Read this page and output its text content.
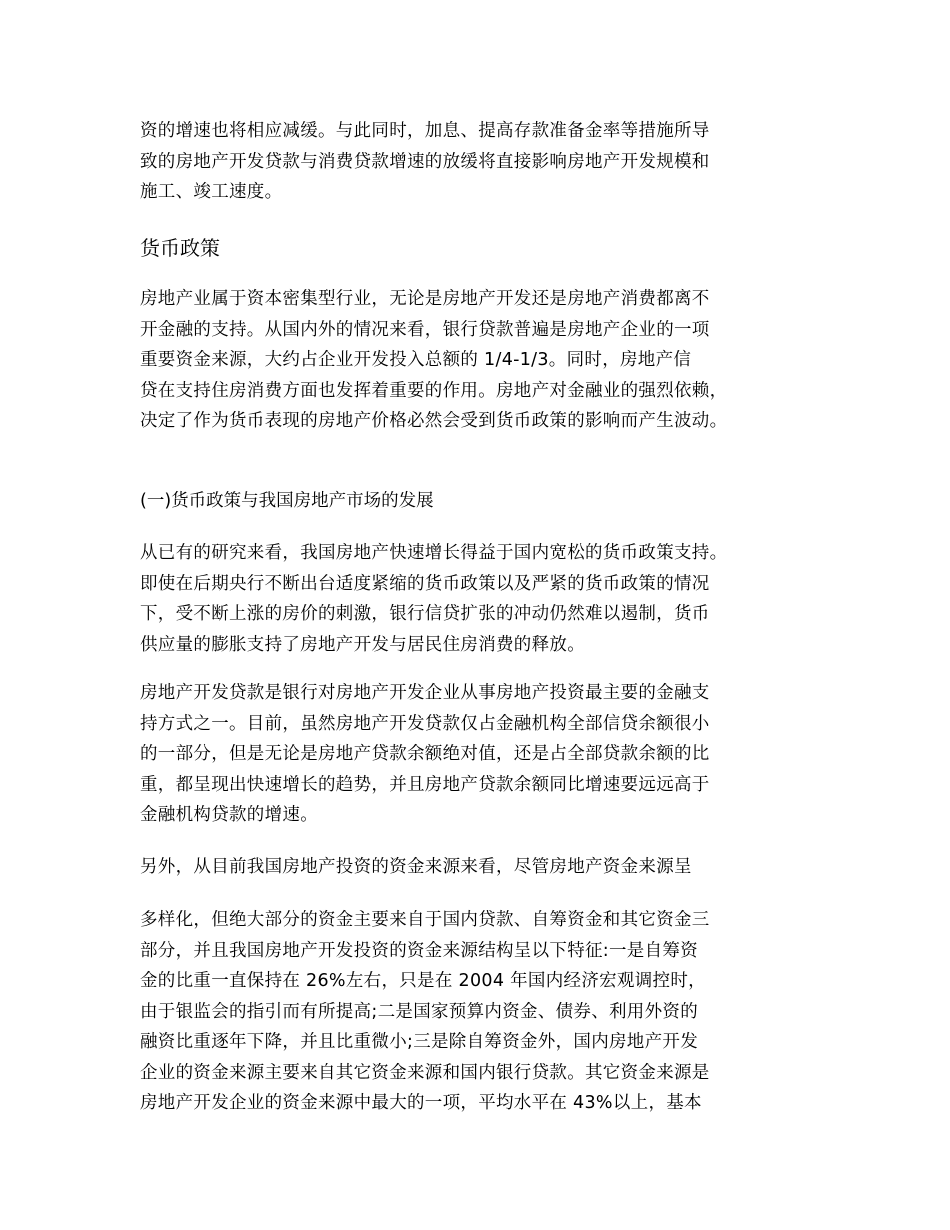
资的增速也将相应减缓。与此同时，加息、提高存款准备金率等措施所导
致的房地产开发贷款与消费贷款增速的放缓将直接影响房地产开发规模和
施工、竣工速度。
货币政策
房地产业属于资本密集型行业，无论是房地产开发还是房地产消费都离不
开金融的支持。从国内外的情况来看，银行贷款普遍是房地产企业的一项
重要资金来源，大约占企业开发投入总额的 1/4-1/3。同时，房地产信
贷在支持住房消费方面也发挥着重要的作用。房地产对金融业的强烈依赖，
决定了作为货币表现的房地产价格必然会受到货币政策的影响而产生波动。
(一)货币政策与我国房地产市场的发展
从已有的研究来看，我国房地产快速增长得益于国内宽松的货币政策支持。
即使在后期央行不断出台适度紧缩的货币政策以及严紧的货币政策的情况
下，受不断上涨的房价的刺激，银行信贷扩张的冲动仍然难以遏制，货币
供应量的膨胀支持了房地产开发与居民住房消费的释放。
房地产开发贷款是银行对房地产开发企业从事房地产投资最主要的金融支
持方式之一。目前，虽然房地产开发贷款仅占金融机构全部信贷余额很小
的一部分，但是无论是房地产贷款余额绝对值，还是占全部贷款余额的比
重，都呈现出快速增长的趋势，并且房地产贷款余额同比增速要远远高于
金融机构贷款的增速。
另外，从目前我国房地产投资的资金来源来看，尽管房地产资金来源呈
多样化，但绝大部分的资金主要来自于国内贷款、自筹资金和其它资金三
部分，并且我国房地产开发投资的资金来源结构呈以下特征:一是自筹资
金的比重一直保持在 26%左右，只是在 2004 年国内经济宏观调控时，
由于银监会的指引而有所提高;二是国家预算内资金、债券、利用外资的
融资比重逐年下降，并且比重微小;三是除自筹资金外，国内房地产开发
企业的资金来源主要来自其它资金来源和国内银行贷款。其它资金来源是
房地产开发企业的资金来源中最大的一项，平均水平在 43%以上，基本
